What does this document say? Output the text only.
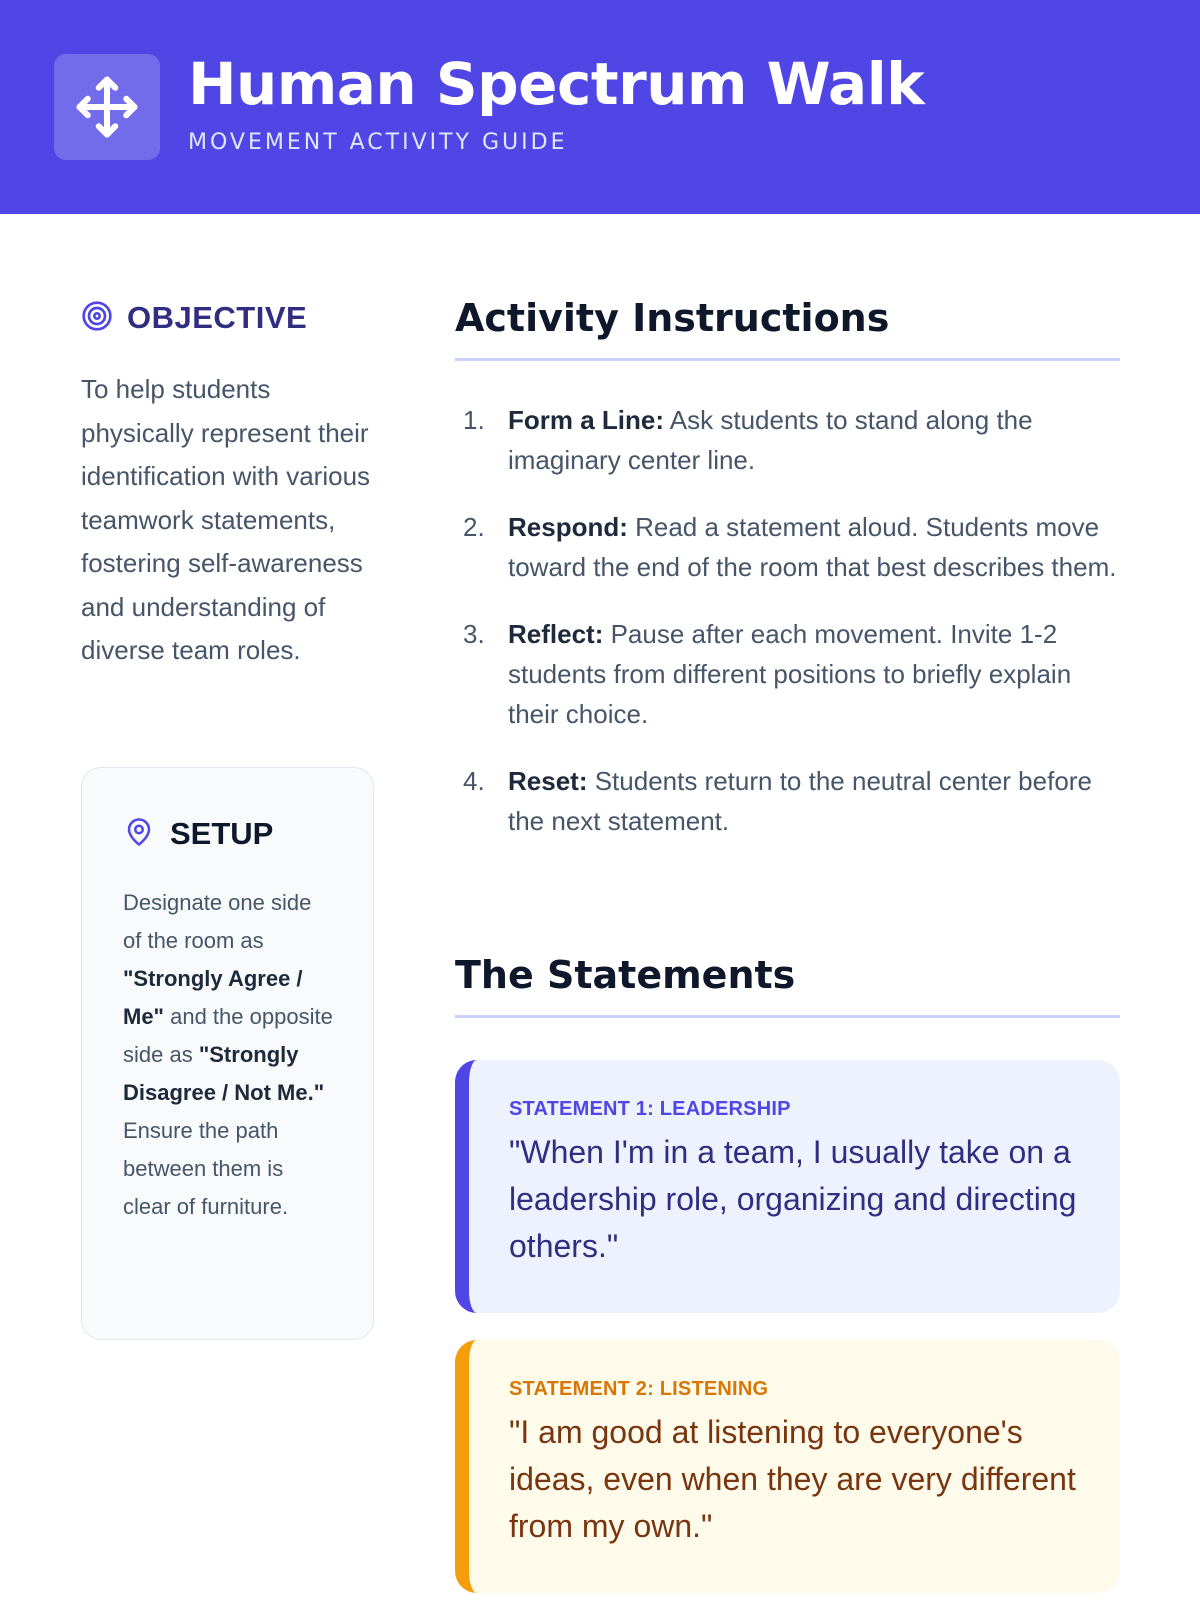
Human Spectrum Walk
MOVEMENT ACTIVITY GUIDE
OBJECTIVE

To help students physically represent their identification with various teamwork statements, fostering self-awareness and understanding of diverse team roles.

SETUP

Designate one side of the room as "Strongly Agree / Me" and the opposite side as "Strongly Disagree / Not Me." Ensure the path between them is clear of furniture.

Activity Instructions
1. Form a Line: Ask students to stand along the imaginary center line.
2. Respond: Read a statement aloud. Students move toward the end of the room that best describes them.
3. Reflect: Pause after each movement. Invite 1-2 students from different positions to briefly explain their choice.
4. Reset: Students return to the neutral center before the next statement.
The Statements
STATEMENT 1: LEADERSHIP
"When I'm in a team, I usually take on a leadership role, organizing and directing others."
STATEMENT 2: LISTENING
"I am good at listening to everyone's ideas, even when they are very different from my own."
